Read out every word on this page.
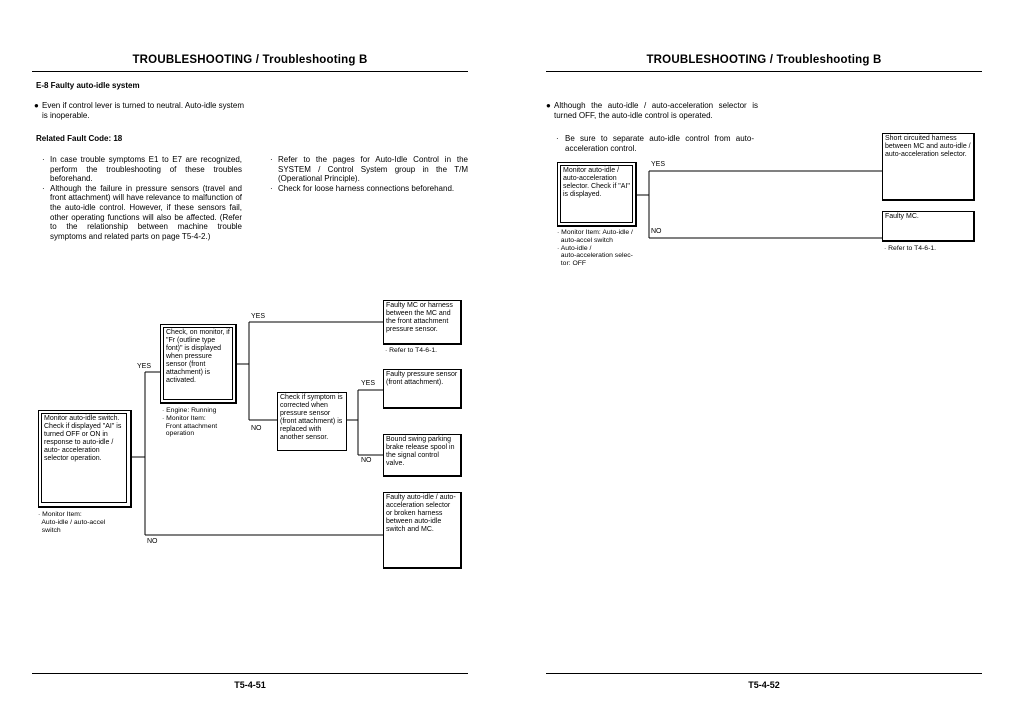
TROUBLESHOOTING / Troubleshooting B
E-8 Faulty auto-idle system
● Even if control lever is turned to neutral. Auto-idle system is inoperable.
Related Fault Code: 18
· In case trouble symptoms E1 to E7 are recognized, perform the troubleshooting of these troubles beforehand.
· Although the failure in pressure sensors (travel and front attachment) will have relevance to malfunction of the auto-idle control. However, if these sensors fail, other operating functions will also be affected. (Refer to the relationship between machine trouble symptoms and related parts on page T5-4-2.)
· Refer to the pages for Auto-Idle Control in the SYSTEM / Control System group in the T/M (Operational Principle).
· Check for loose harness connections beforehand.
Monitor auto-idle switch. Check if displayed "AI" is turned OFF or ON in response to auto-idle / auto- acceleration selector operation.
· Monitor Item:
Auto-idle / auto-accel
switch
Check, on monitor, if "Fr (outline type font)" is displayed when pressure sensor (front attachment) is activated.
· Engine: Running
· Monitor Item:
Front attachment
operation
Check if symptom is corrected when pressure sensor (front attachment) is replaced with another sensor.
Faulty MC or harness between the MC and the front attachment pressure sensor.
· Refer to T4-6-1.
Faulty pressure sensor (front attachment).
Bound swing parking brake release spool in the signal control valve.
Faulty auto-idle / auto-acceleration selector or broken harness between auto-idle switch and MC.
YES
NO
YES
NO
YES
NO
T5-4-51
TROUBLESHOOTING / Troubleshooting B
● Although the auto-idle / auto-acceleration selector is turned OFF, the auto-idle control is operated.
· Be sure to separate auto-idle control from auto-acceleration control.
Monitor auto-idle / auto-acceleration selector. Check if "AI" is displayed.
· Monitor Item: Auto-idle /
auto-accel switch
· Auto-idle /
auto-acceleration selec-
tor: OFF
Short circuited harness between MC and auto-idle / auto-acceleration selector.
Faulty MC.
· Refer to T4-6-1.
YES
NO
T5-4-52
